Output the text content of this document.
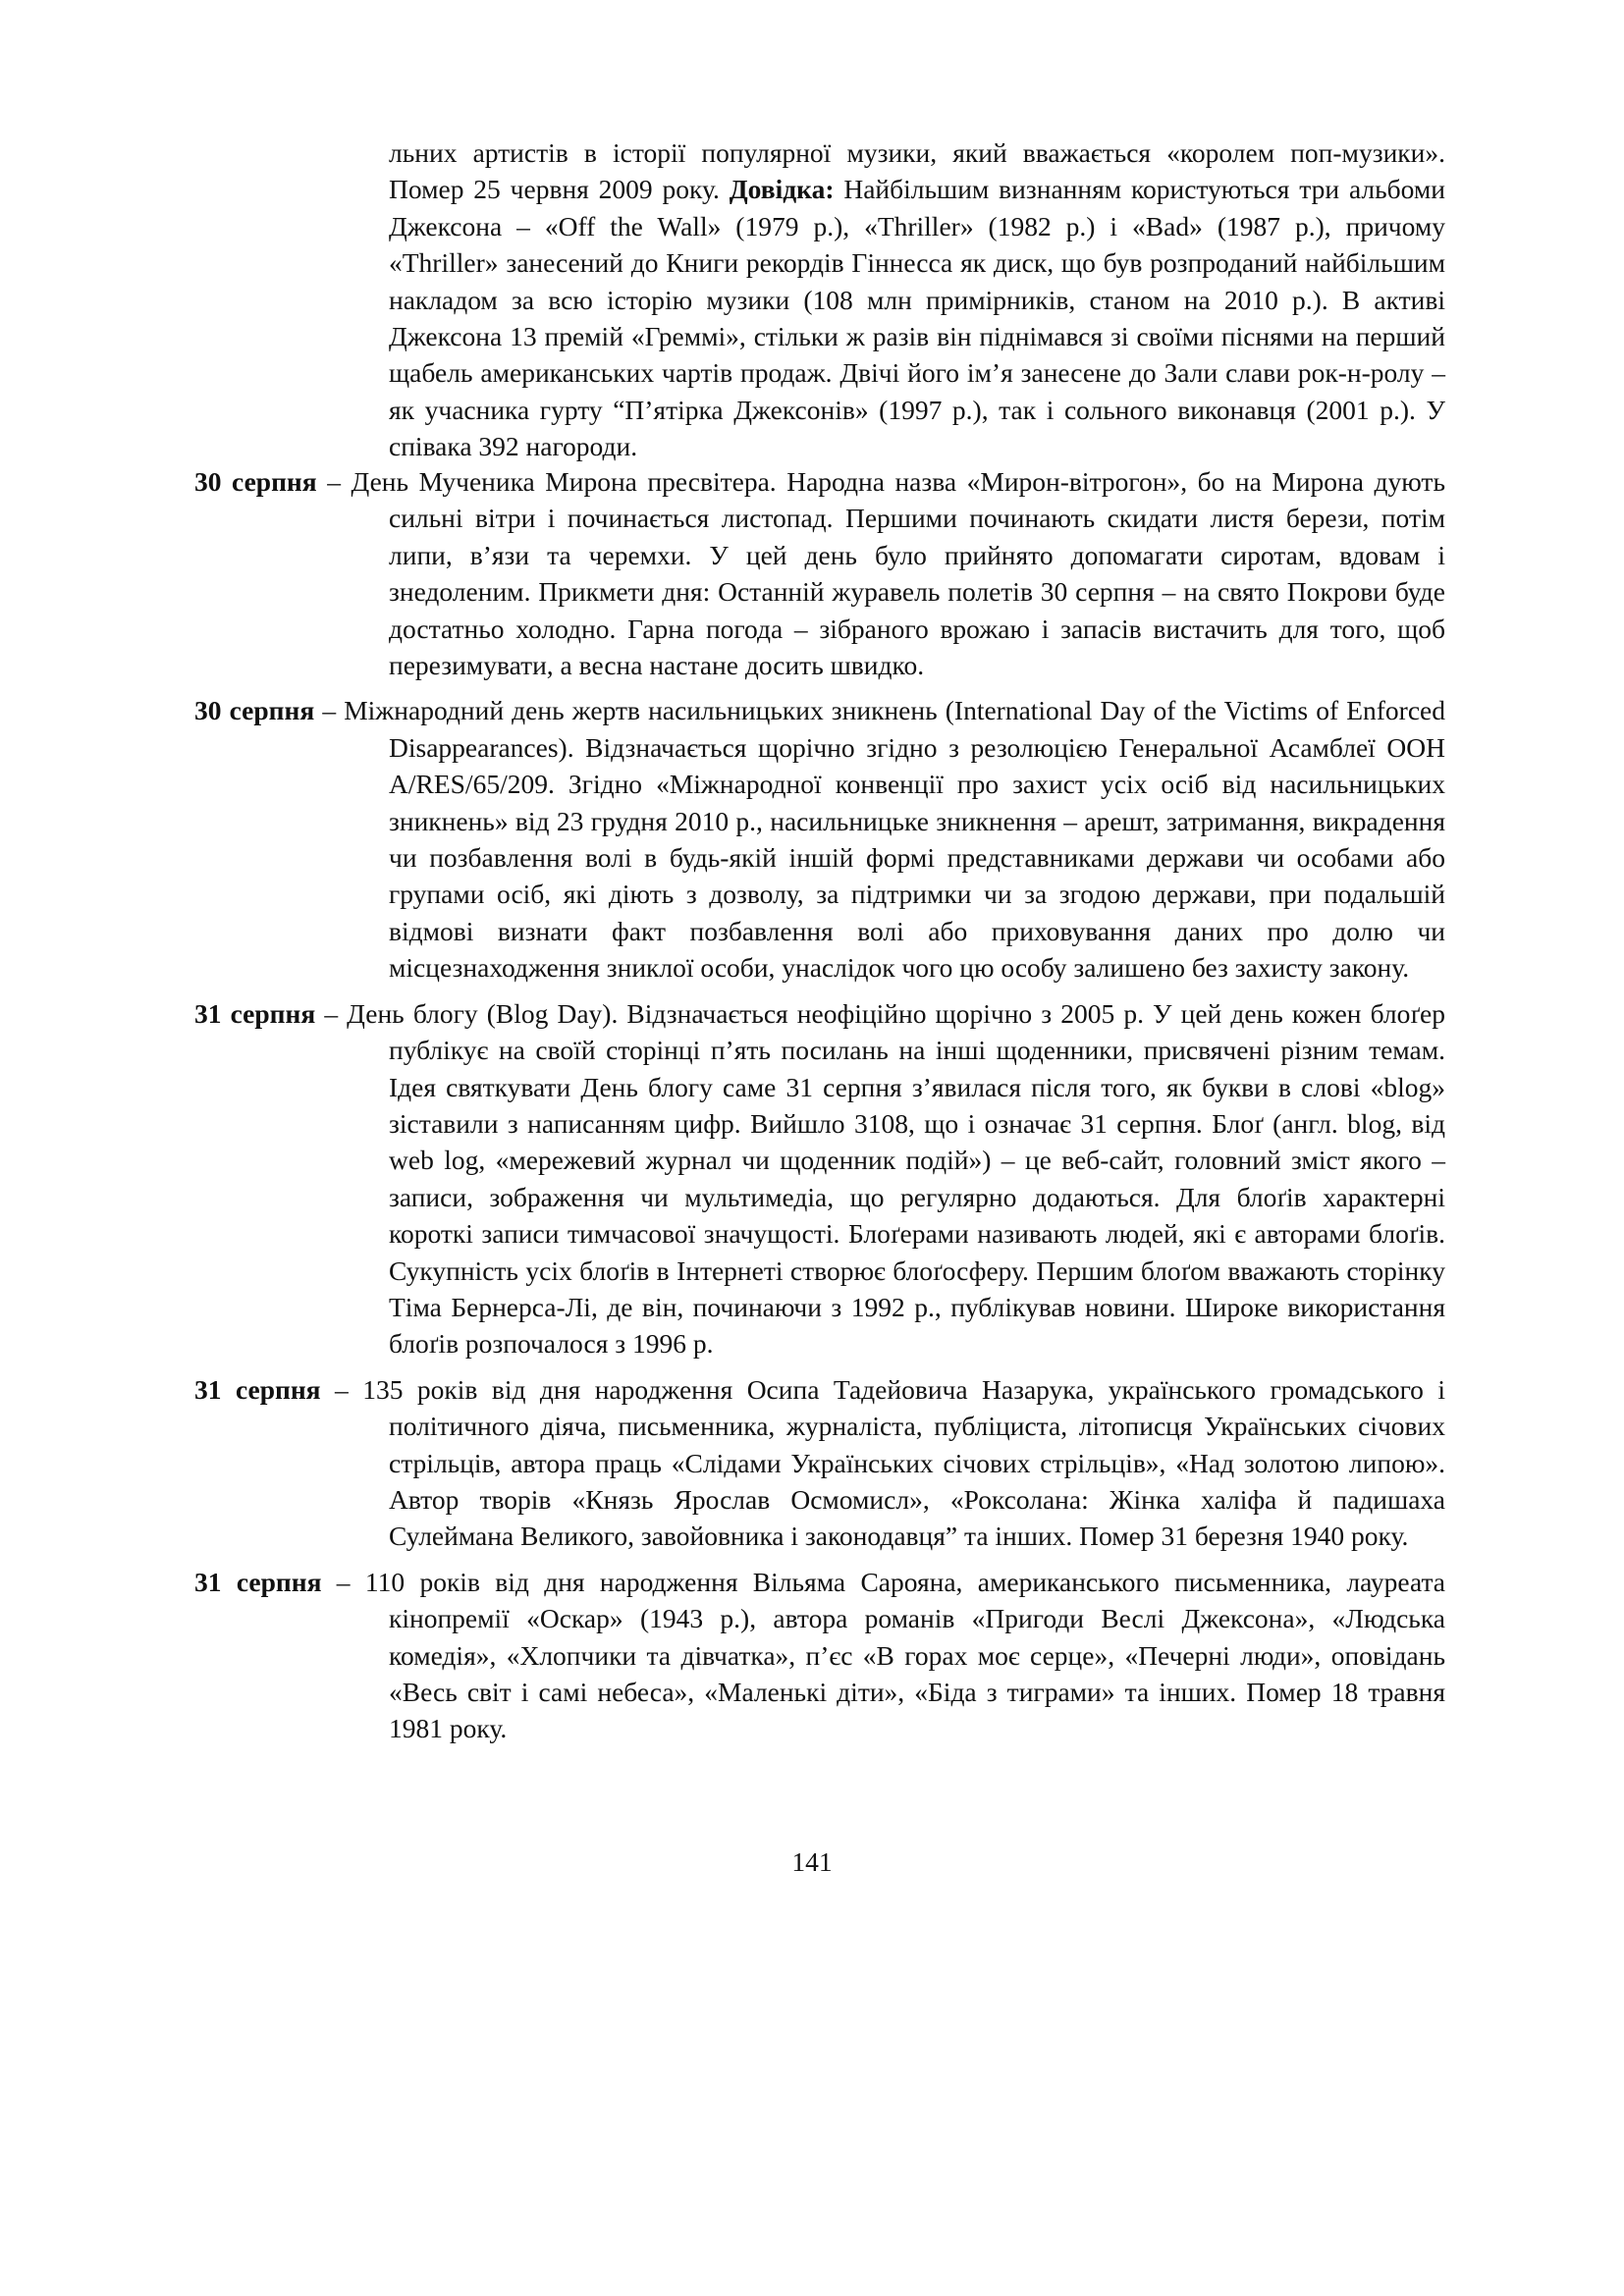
льних артистів в історії популярної музики, який вважається «королем поп-музики». Помер 25 червня 2009 року. Довідка: Найбільшим визнанням користуються три альбоми Джексона – «Off the Wall» (1979 р.), «Thriller» (1982 р.) і «Bad» (1987 р.), причому «Thriller» занесений до Книги рекордів Гіннесса як диск, що був розпроданий найбільшим накладом за всю історію музики (108 млн примірників, станом на 2010 р.). В активі Джексона 13 премій «Греммі», стільки ж разів він піднімався зі своїми піснями на перший щабель американських чартів продаж. Двічі його ім’я занесене до Зали слави рок-н-ролу – як учасника гурту “П’ятірка Джексонів» (1997 р.), так і сольного виконавця (2001 р.). У співака 392 нагороди.

30 серпня – День Мученика Мирона пресвітера. Народна назва «Мирон-вітрогон», бо на Мирона дують сильні вітри і починається листопад. Першими починають скидати листя берези, потім липи, в’язи та черемхи. У цей день було прийнято допомагати сиротам, вдовам і знедоленим. Прикмети дня: Останній журавель полетів 30 серпня – на свято Покрови буде достатньо холодно. Гарна погода – зібраного врожаю і запасів вистачить для того, щоб перезимувати, а весна настане досить швидко.

30 серпня – Міжнародний день жертв насильницьких зникнень (International Day of the Victims of Enforced Disappearances). Відзначається щорічно згідно з резолюцією Генеральної Асамблеї ООН A/RES/65/209. Згідно «Міжнародної конвенції про захист усіх осіб від насильницьких зникнень» від 23 грудня 2010 р., насильницьке зникнення – арешт, затримання, викрадення чи позбавлення волі в будь-якій іншій формі представниками держави чи особами або групами осіб, які діють з дозволу, за підтримки чи за згодою держави, при подальшій відмові визнати факт позбавлення волі або приховування даних про долю чи місцезнаходження зниклої особи, унаслідок чого цю особу залишено без захисту закону.

31 серпня – День блогу (Blog Day). Відзначається неофіційно щорічно з 2005 р. У цей день кожен блоґер публікує на своїй сторінці п’ять посилань на інші щоденники, присвячені різним темам. Ідея святкувати День блогу саме 31 серпня з’явилася після того, як букви в слові «blog» зіставили з написанням цифр. Вийшло 3108, що і означає 31 серпня. Блоґ (англ. blog, від web log, «мережевий журнал чи щоденник подій») – це веб-сайт, головний зміст якого – записи, зображення чи мультимедіа, що регулярно додаються. Для блоґів характерні короткі записи тимчасової значущості. Блоґерами називають людей, які є авторами блоґів. Сукупність усіх блоґів в Інтернеті створює блоґосферу. Першим блоґом вважають сторінку Тіма Бернерса-Лі, де він, починаючи з 1992 р., публікував новини. Широке використання блоґів розпочалося з 1996 р.

31 серпня – 135 років від дня народження Осипа Тадейовича Назарука, українського громадського і політичного діяча, письменника, журналіста, публіциста, літописця Українських січових стрільців, автора праць «Слідами Українських січових стрільців», «Над золотою липою». Автор творів «Князь Ярослав Осмомисл», «Роксолана: Жінка халіфа й падишаха Сулеймана Великого, завойовника і законодавця” та інших. Помер 31 березня 1940 року.

31 серпня – 110 років від дня народження Вільяма Сарояна, американського письменника, лауреата кінопремії «Оскар» (1943 р.), автора романів «Пригоди Веслі Джексона», «Людська комедія», «Хлопчики та дівчатка», п’єс «В горах моє серце», «Печерні люди», оповідань «Весь світ і самі небеса», «Маленькі діти», «Біда з тиграми» та інших. Помер 18 травня 1981 року.

141
